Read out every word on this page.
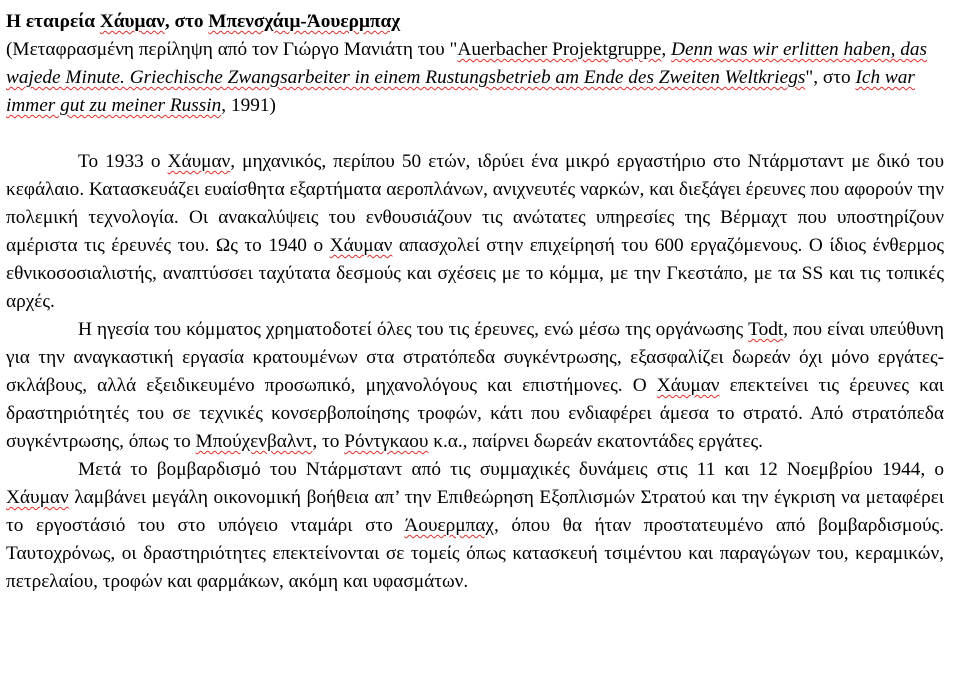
Η εταιρεία Χάυμαν, στο Μπενσχάιμ-Άουερμπαχ

(Μεταφρασμένη περίληψη από τον Γιώργο Μανιάτη του "Auerbacher Projektgruppe, Denn was wir erlitten haben, das wajede Minute. Griechische Zwangsarbeiter in einem Rustungsbetrieb am Ende des Zweiten Weltkriegs", στο Ich war immer gut zu meiner Russin, 1991)

Το 1933 ο Χάυμαν, μηχανικός, περίπου 50 ετών, ιδρύει ένα μικρό εργαστήριο στο Ντάρμσταντ με δικό του κεφάλαιο. Κατασκευάζει ευαίσθητα εξαρτήματα αεροπλάνων, ανιχνευτές ναρκών, και διεξάγει έρευνες που αφορούν την πολεμική τεχνολογία. Οι ανακαλύψεις του ενθουσιάζουν τις ανώτατες υπηρεσίες της Βέρμαχτ που υποστηρίζουν αμέριστα τις έρευνές του. Ως το 1940 ο Χάυμαν απασχολεί στην επιχείρησή του 600 εργαζόμενους. Ο ίδιος ένθερμος εθνικοσοσιαλιστής, αναπτύσσει ταχύτατα δεσμούς και σχέσεις με το κόμμα, με την Γκεστάπο, με τα SS και τις τοπικές αρχές.

Η ηγεσία του κόμματος χρηματοδοτεί όλες του τις έρευνες, ενώ μέσω της οργάνωσης Todt, που είναι υπεύθυνη για την αναγκαστική εργασία κρατουμένων στα στρατόπεδα συγκέντρωσης, εξασφαλίζει δωρεάν όχι μόνο εργάτες-σκλάβους, αλλά εξειδικευμένο προσωπικό, μηχανολόγους και επιστήμονες. Ο Χάυμαν επεκτείνει τις έρευνες και δραστηριότητές του σε τεχνικές κονσερβοποίησης τροφών, κάτι που ενδιαφέρει άμεσα το στρατό. Από στρατόπεδα συγκέντρωσης, όπως το Μπούχενβαλντ, το Ρόντγκαου κ.α., παίρνει δωρεάν εκατοντάδες εργάτες.

Μετά το βομβαρδισμό του Ντάρμσταντ από τις συμμαχικές δυνάμεις στις 11 και 12 Νοεμβρίου 1944, ο Χάυμαν λαμβάνει μεγάλη οικονομική βοήθεια απ’ την Επιθεώρηση Εξοπλισμών Στρατού και την έγκριση να μεταφέρει το εργοστάσιό του στο υπόγειο νταμάρι στο Άουερμπαχ, όπου θα ήταν προστατευμένο από βομβαρδισμούς. Ταυτοχρόνως, οι δραστηριότητες επεκτείνονται σε τομείς όπως κατασκευή τσιμέντου και παραγώγων του, κεραμικών, πετρελαίου, τροφών και φαρμάκων, ακόμη και υφασμάτων.
